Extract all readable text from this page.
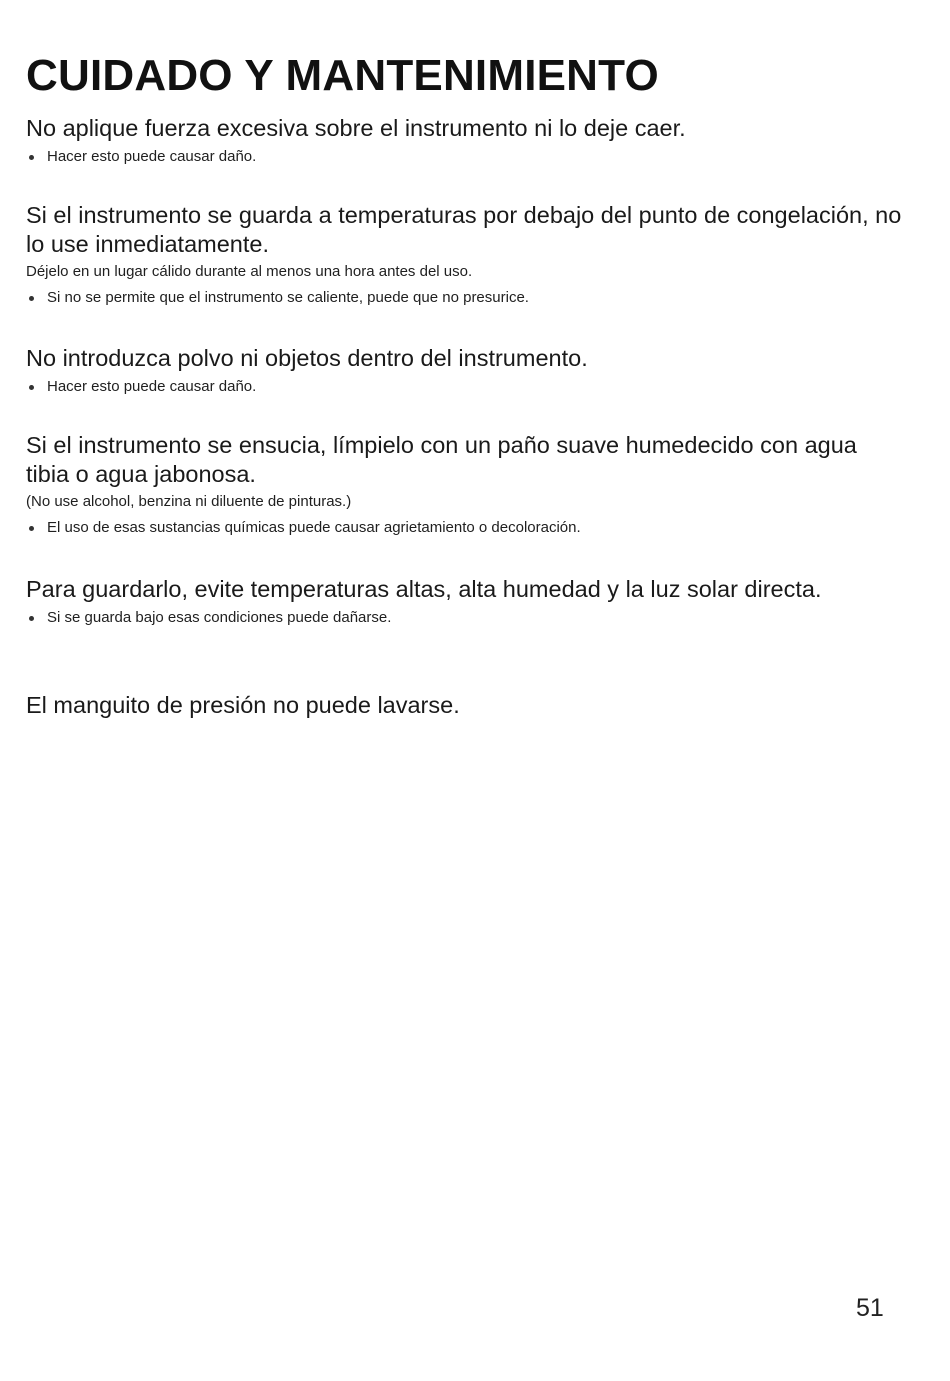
CUIDADO Y MANTENIMIENTO

No aplique fuerza excesiva sobre el instrumento ni lo deje caer.

Hacer esto puede causar daño.

Si el instrumento se guarda a temperaturas por debajo del punto de congelación, no lo use inmediatamente.

Déjelo en un lugar cálido durante al menos una hora antes del uso.

Si no se permite que el instrumento se caliente, puede que no presurice.

No introduzca polvo ni objetos dentro del instrumento.

Hacer esto puede causar daño.

Si el instrumento se ensucia, límpielo con un paño suave humedecido con agua tibia o agua jabonosa.

(No use alcohol, benzina ni diluente de pinturas.)

El uso de esas sustancias químicas puede causar agrietamiento o decoloración.

Para guardarlo, evite temperaturas altas, alta humedad y la luz solar directa.

Si se guarda bajo esas condiciones puede dañarse.

El manguito de presión no puede lavarse.

51
